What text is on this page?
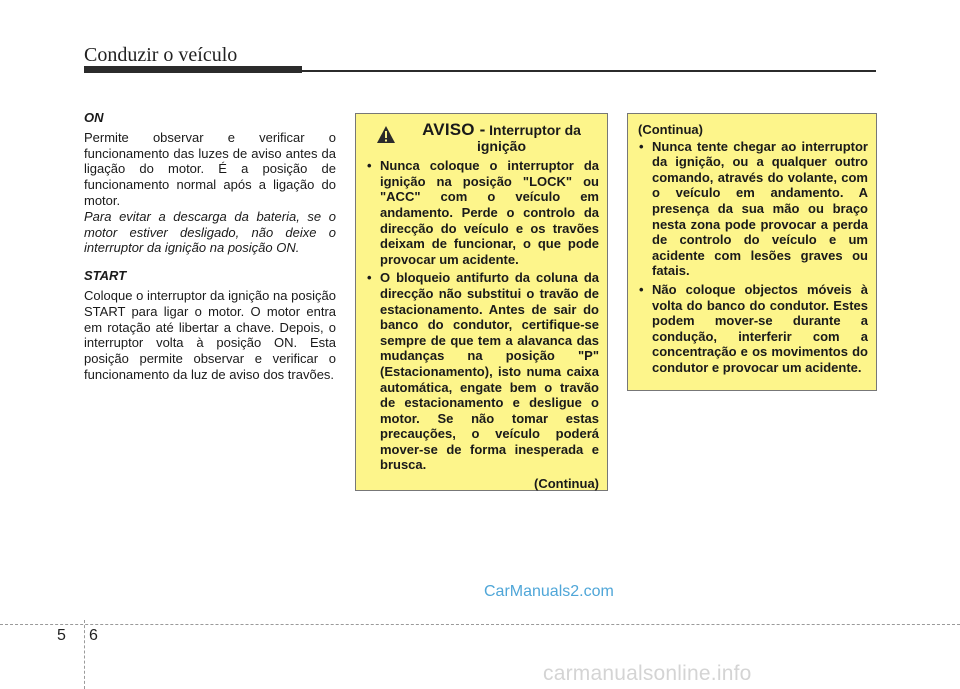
Conduzir o veículo
ON
Permite observar e verificar o funcionamento das luzes de aviso antes da ligação do motor. É a posição de funcionamento normal após a ligação do motor.
Para evitar a descarga da bateria, se o motor estiver desligado, não deixe o interruptor da ignição na posição ON.
START
Coloque o interruptor da ignição na posição START para ligar o motor. O motor entra em rotação até libertar a chave. Depois, o interruptor volta à posição ON. Esta posição permite observar e verificar o funcionamento da luz de aviso dos travões.
AVISO - Interruptor da
ignição
• Nunca coloque o interruptor da ignição na posição "LOCK" ou "ACC" com o veículo em andamento. Perde o controlo da direcção do veículo e os travões deixam de funcionar, o que pode provocar um acidente.
• O bloqueio antifurto da coluna da direcção não substitui o travão de estacionamento. Antes de sair do banco do condutor, certifique-se sempre de que tem a alavanca das mudanças na posição "P" (Estacionamento), isto numa caixa automática, engate bem o travão de estacionamento e desligue o motor. Se não tomar estas precauções, o veículo poderá mover-se de forma inesperada e brusca.
(Continua)
(Continua)
• Nunca tente chegar ao interruptor da ignição, ou a qualquer outro comando, através do volante, com o veículo em andamento. A presença da sua mão ou braço nesta zona pode provocar a perda de controlo do veículo e um acidente com lesões graves ou fatais.
• Não coloque objectos móveis à volta do banco do condutor. Estes podem mover-se durante a condução, interferir com a concentração e os movimentos do condutor e provocar um acidente.
CarManuals2.com
5 6
carmanualsonline.info
